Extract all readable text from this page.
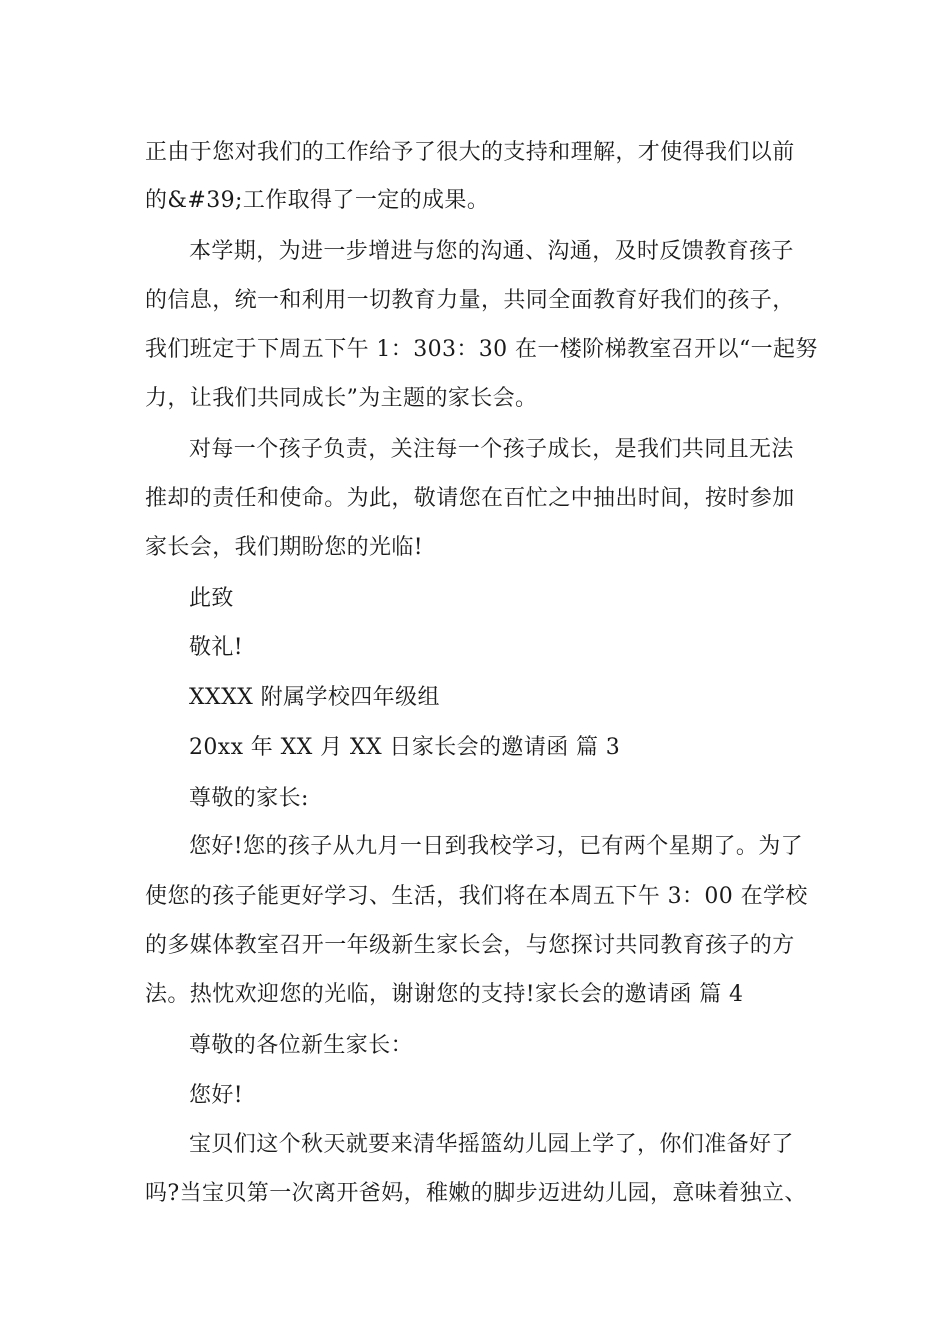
正由于您对我们的工作给予了很大的支持和理解，才使得我们以前
的&#39;工作取得了一定的成果。
本学期，为进一步增进与您的沟通、沟通，及时反馈教育孩子
的信息，统一和利用一切教育力量，共同全面教育好我们的孩子，
我们班定于下周五下午 1：303：30 在一楼阶梯教室召开以“一起努
力，让我们共同成长”为主题的家长会。
对每一个孩子负责，关注每一个孩子成长，是我们共同且无法
推却的责任和使命。为此，敬请您在百忙之中抽出时间，按时参加
家长会，我们期盼您的光临!
此致
敬礼!
XXXX 附属学校四年级组
20xx 年 XX 月 XX 日家长会的邀请函 篇 3
尊敬的家长:
您好!您的孩子从九月一日到我校学习，已有两个星期了。为了
使您的孩子能更好学习、生活，我们将在本周五下午 3：00 在学校
的多媒体教室召开一年级新生家长会，与您探讨共同教育孩子的方
法。热忱欢迎您的光临，谢谢您的支持!家长会的邀请函 篇 4
尊敬的各位新生家长：
您好!
宝贝们这个秋天就要来清华摇篮幼儿园上学了，你们准备好了
吗?当宝贝第一次离开爸妈，稚嫩的脚步迈进幼儿园，意味着独立、
